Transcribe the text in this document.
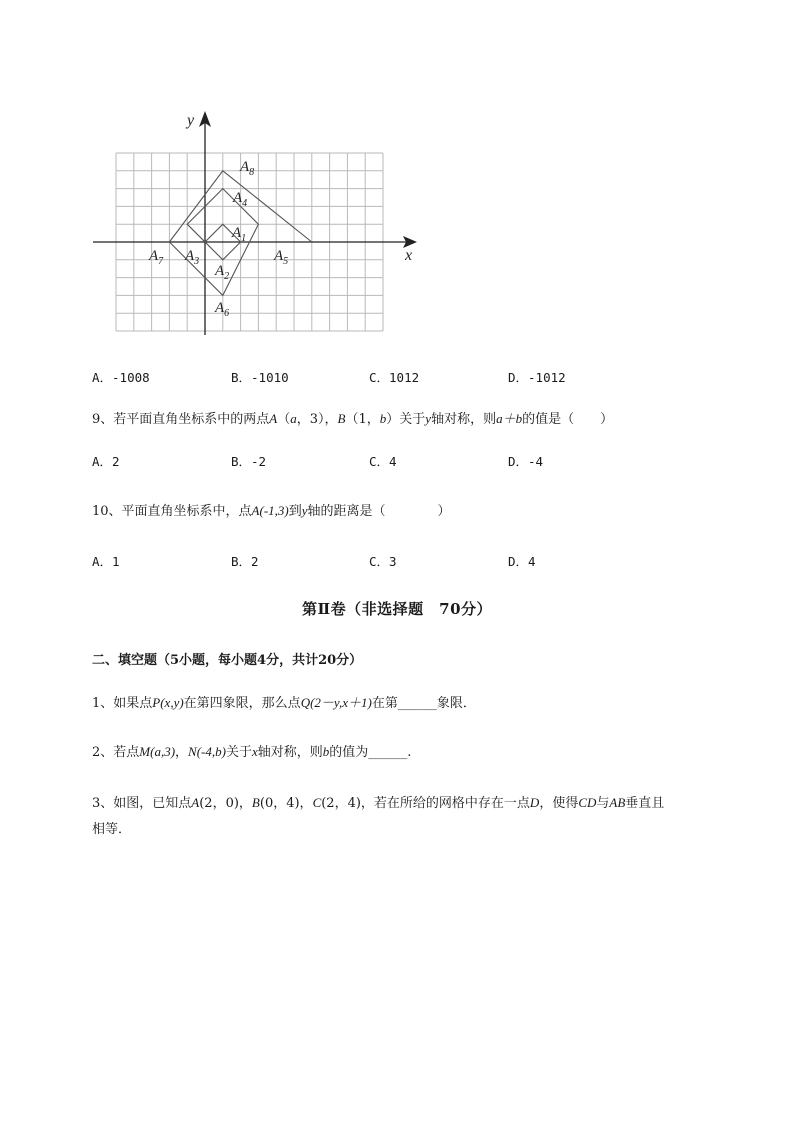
x
y
$A_1$
$A_2$
$A_3$
$A_4$
$A_5$
$A_6$
$A_7$
$A_8$
A．-1008	B．-1010	C．1012	D．-1012
9、若平面直角坐标系中的两点A（a，3），B（1，b）关于y轴对称，则a＋b的值是（　　）
A．2	B．-2	C．4	D．-4
10、平面直角坐标系中，点A(-1,3)到y轴的距离是（　　　　）
A．1	B．2	C．3	D．4
第Ⅱ卷（非选择题　70分）
二、填空题（5小题，每小题4分，共计20分）
1、如果点P(x,y)在第四象限，那么点Q(2－y,x＋1)在第______象限．
2、若点M(a,3)，N(-4,b)关于x轴对称，则b的值为______.
3、如图，已知点A(2，0)，B(0，4)，C(2，4)，若在所给的网格中存在一点D，使得CD与AB垂直且
相等．
